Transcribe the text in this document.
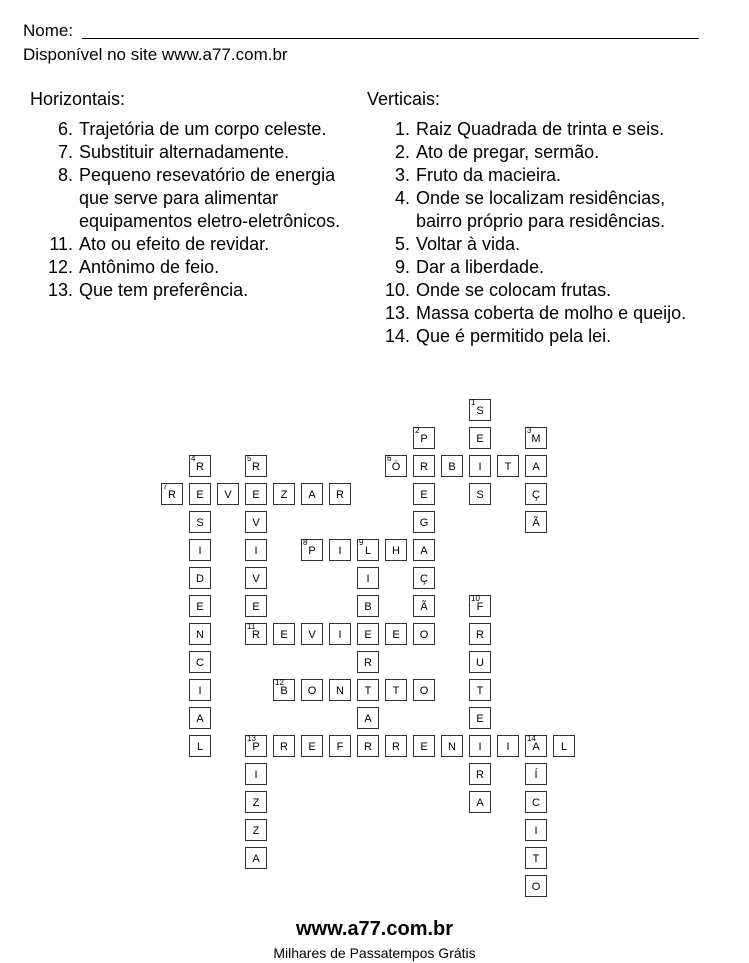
Nome:
Disponível no site www.a77.com.br
Horizontais:	Verticais:
6. Trajetória de um corpo celeste.
7. Substituir alternadamente.
8. Pequeno resevatório de energia que serve para alimentar equipamentos eletro-eletrônicos.
11. Ato ou efeito de revidar.
12. Antônimo de feio.
13. Que tem preferência.
1. Raiz Quadrada de trinta e seis.
2. Ato de pregar, sermão.
3. Fruto da macieira.
4. Onde se localizam residências, bairro próprio para residências.
5. Voltar à vida.
9. Dar a liberdade.
10. Onde se colocam frutas.
13. Massa coberta de molho e queijo.
14. Que é permitido pela lei.
1
S
E
I
S
2
P
R
E
G
A
Ç
Ã
O
3
M
A
Ç
Ã
4
R
E
S
I
D
E
N
C
I
A
L
5
R
E
V
I
V
E
11
R
6
Ó	B	T
7
R	V	Z	A	R
8
P	I
9
L	H
I
B
E
R
T
A
R
10
F
R
U
T
E
I
R
A
E	V	I	E
12
B	O	N	T	O
13
P	R	E	F	R	E	N	I
14
A	L
I
Z
Z
A
Í
C
I
T
O
www.a77.com.br
Milhares de Passatempos Grátis
